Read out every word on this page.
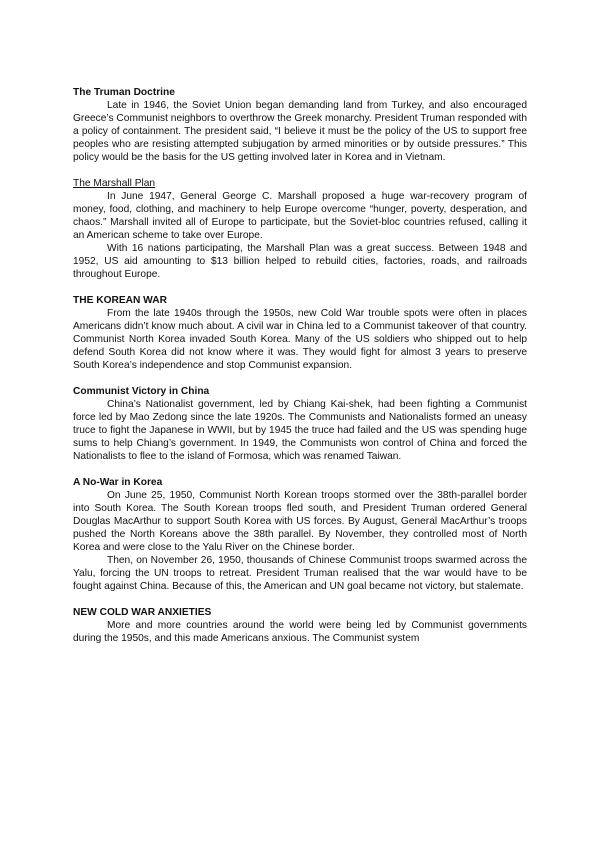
The Truman Doctrine

Late in 1946, the Soviet Union began demanding land from Turkey, and also encouraged Greece’s Communist neighbors to overthrow the Greek monarchy. President Truman responded with a policy of containment. The president said, “I believe it must be the policy of the US to support free peoples who are resisting attempted subjugation by armed minorities or by outside pressures.” This policy would be the basis for the US getting involved later in Korea and in Vietnam.

The Marshall Plan

In June 1947, General George C. Marshall proposed a huge war-recovery program of money, food, clothing, and machinery to help Europe overcome “hunger, poverty, desperation, and chaos.” Marshall invited all of Europe to participate, but the Soviet-bloc countries refused, calling it an American scheme to take over Europe.

With 16 nations participating, the Marshall Plan was a great success. Between 1948 and 1952, US aid amounting to $13 billion helped to rebuild cities, factories, roads, and railroads throughout Europe.

THE KOREAN WAR

From the late 1940s through the 1950s, new Cold War trouble spots were often in places Americans didn’t know much about. A civil war in China led to a Communist takeover of that country. Communist North Korea invaded South Korea. Many of the US soldiers who shipped out to help defend South Korea did not know where it was. They would fight for almost 3 years to preserve South Korea’s independence and stop Communist expansion.

Communist Victory in China

China’s Nationalist government, led by Chiang Kai-shek, had been fighting a Communist force led by Mao Zedong since the late 1920s. The Communists and Nationalists formed an uneasy truce to fight the Japanese in WWII, but by 1945 the truce had failed and the US was spending huge sums to help Chiang’s government. In 1949, the Communists won control of China and forced the Nationalists to flee to the island of Formosa, which was renamed Taiwan.

A No-War in Korea

On June 25, 1950, Communist North Korean troops stormed over the 38th-parallel border into South Korea. The South Korean troops fled south, and President Truman ordered General Douglas MacArthur to support South Korea with US forces. By August, General MacArthur’s troops pushed the North Koreans above the 38th parallel. By November, they controlled most of North Korea and were close to the Yalu River on the Chinese border.

Then, on November 26, 1950, thousands of Chinese Communist troops swarmed across the Yalu, forcing the UN troops to retreat. President Truman realised that the war would have to be fought against China. Because of this, the American and UN goal became not victory, but stalemate.

NEW COLD WAR ANXIETIES

More and more countries around the world were being led by Communist governments during the 1950s, and this made Americans anxious. The Communist system
